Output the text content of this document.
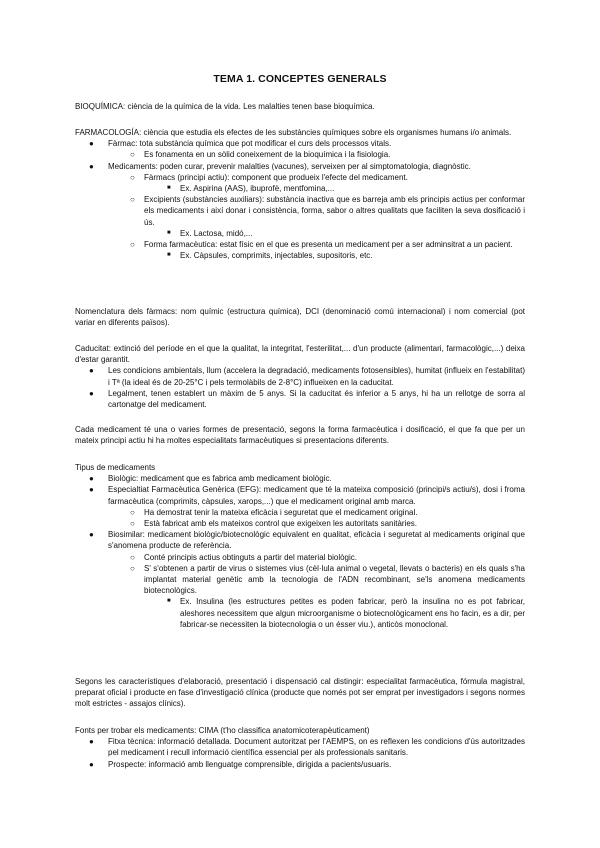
TEMA 1. CONCEPTES GENERALS

BIOQUÍMICA: ciència de la química de la vida. Les malalties tenen base bioquímica.

FARMACOLOGÍA: ciència que estudia els efectes de les substàncies químiques sobre els organismes humans i/o animals.

● Fàrmac: tota substància química que pot modificar el curs dels processos vitals.
○ Es fonamenta en un sòlid coneixement de la bioquímica i la fisiologia.
● Medicaments: poden curar, prevenir malalties (vacunes), serveixen per al simptomatologia, diagnòstic.
○ Fàrmacs (principi actiu): component que produeix l'efecte del medicament.
■ Ex. Aspirina (AAS), ibuprofè, mentfomina,...
○ Excipients (substàncies auxiliars): substància inactiva que es barreja amb els principis actius per conformar els medicaments i així donar i consistència, forma, sabor o altres qualitats que faciliten la seva dosificació i ús.
■ Ex. Lactosa, midó,...
○ Forma farmacèutica: estat físic en el que es presenta un medicament per a ser adminsitrat a un pacient.
■ Ex. Càpsules, comprimits, injectables, supositoris, etc.

Nomenclatura dels fàrmacs: nom químic (estructura química), DCI (denominació comú internacional) i nom comercial (pot variar en diferents països).

Caducitat: extinció del període en el que la qualitat, la integritat, l'esterilitat,... d'un producte (alimentari, farmacològic,...) deixa d'estar garantit.

● Les condicions ambientals, llum (accelera la degradació, medicaments fotosensibles), humitat (influeix en l'estabilitat) i Tª (la ideal és de 20-25°C i pels termolàbils de 2-8°C) influeixen en la caducitat.
● Legalment, tenen establert un màxim de 5 anys. Si la caducitat és inferior a 5 anys, hi ha un rellotge de sorra al cartonatge del medicament.

Cada medicament té una o varies formes de presentació, segons la forma farmacèutica i dosificació, el que fa que per un mateix principi actiu hi ha moltes especialitats farmacèutiques si presentacions diferents.

Tipus de medicaments

● Biològic: medicament que es fabrica amb medicament biològic.
● Especialtiat Farmacèutica Genèrica (EFG): medicament que té la mateixa composició (principi/s actiu/s), dosi i froma farmacèutica (comprimits, càpsules, xarops,...) que el medicament original amb marca.
○ Ha demostrat tenir la mateixa eficàcia i seguretat que el medicament original.
○ Està fabricat amb els mateixos control que exigeixen les autoritats sanitàries.
● Biosimilar: medicament biològic/biotecnològic equivalent en qualitat, eficàcia i seguretat al medicaments original que s'anomena producte de referència.
○ Conté principis actius obtinguts a partir del material biològic.
○ S' s'obtenen a partir de virus o sistemes vius (cèl·lula animal o vegetal, llevats o bacteris) en els quals s'ha implantat material genètic amb la tecnologia de l'ADN recombinant, se'ls anomena medicaments biotecnològics.
■ Ex. Insulina (les estructures petites es poden fabricar, però la insulina no es pot fabricar, aleshores necessitem que algun microorganisme o biotecnològicament ens ho facin, es a dir, per fabricar-se necessiten la biotecnologia o un ésser viu.), anticòs monoclonal.

Segons les característiques d'elaboració, presentació i dispensació cal distingir: especialitat farmacèutica, fórmula magistral, preparat oficial i producte en fase d'investigació clínica (producte que només pot ser emprat per investigadors i segons normes molt estrictes - assajos clínics).

Fonts per trobar els medicaments: CIMA (t'ho classifica anatomicoterapèuticament)

● Fitxa tècnica: informació detallada. Document autoritzat per l'AEMPS, on es reflexen les condicions d'ús autoritzades pel medicament i recull informació científica essencial per als professionals sanitaris.
● Prospecte: informació amb llenguatge comprensible, dirigida a pacients/usuaris.
